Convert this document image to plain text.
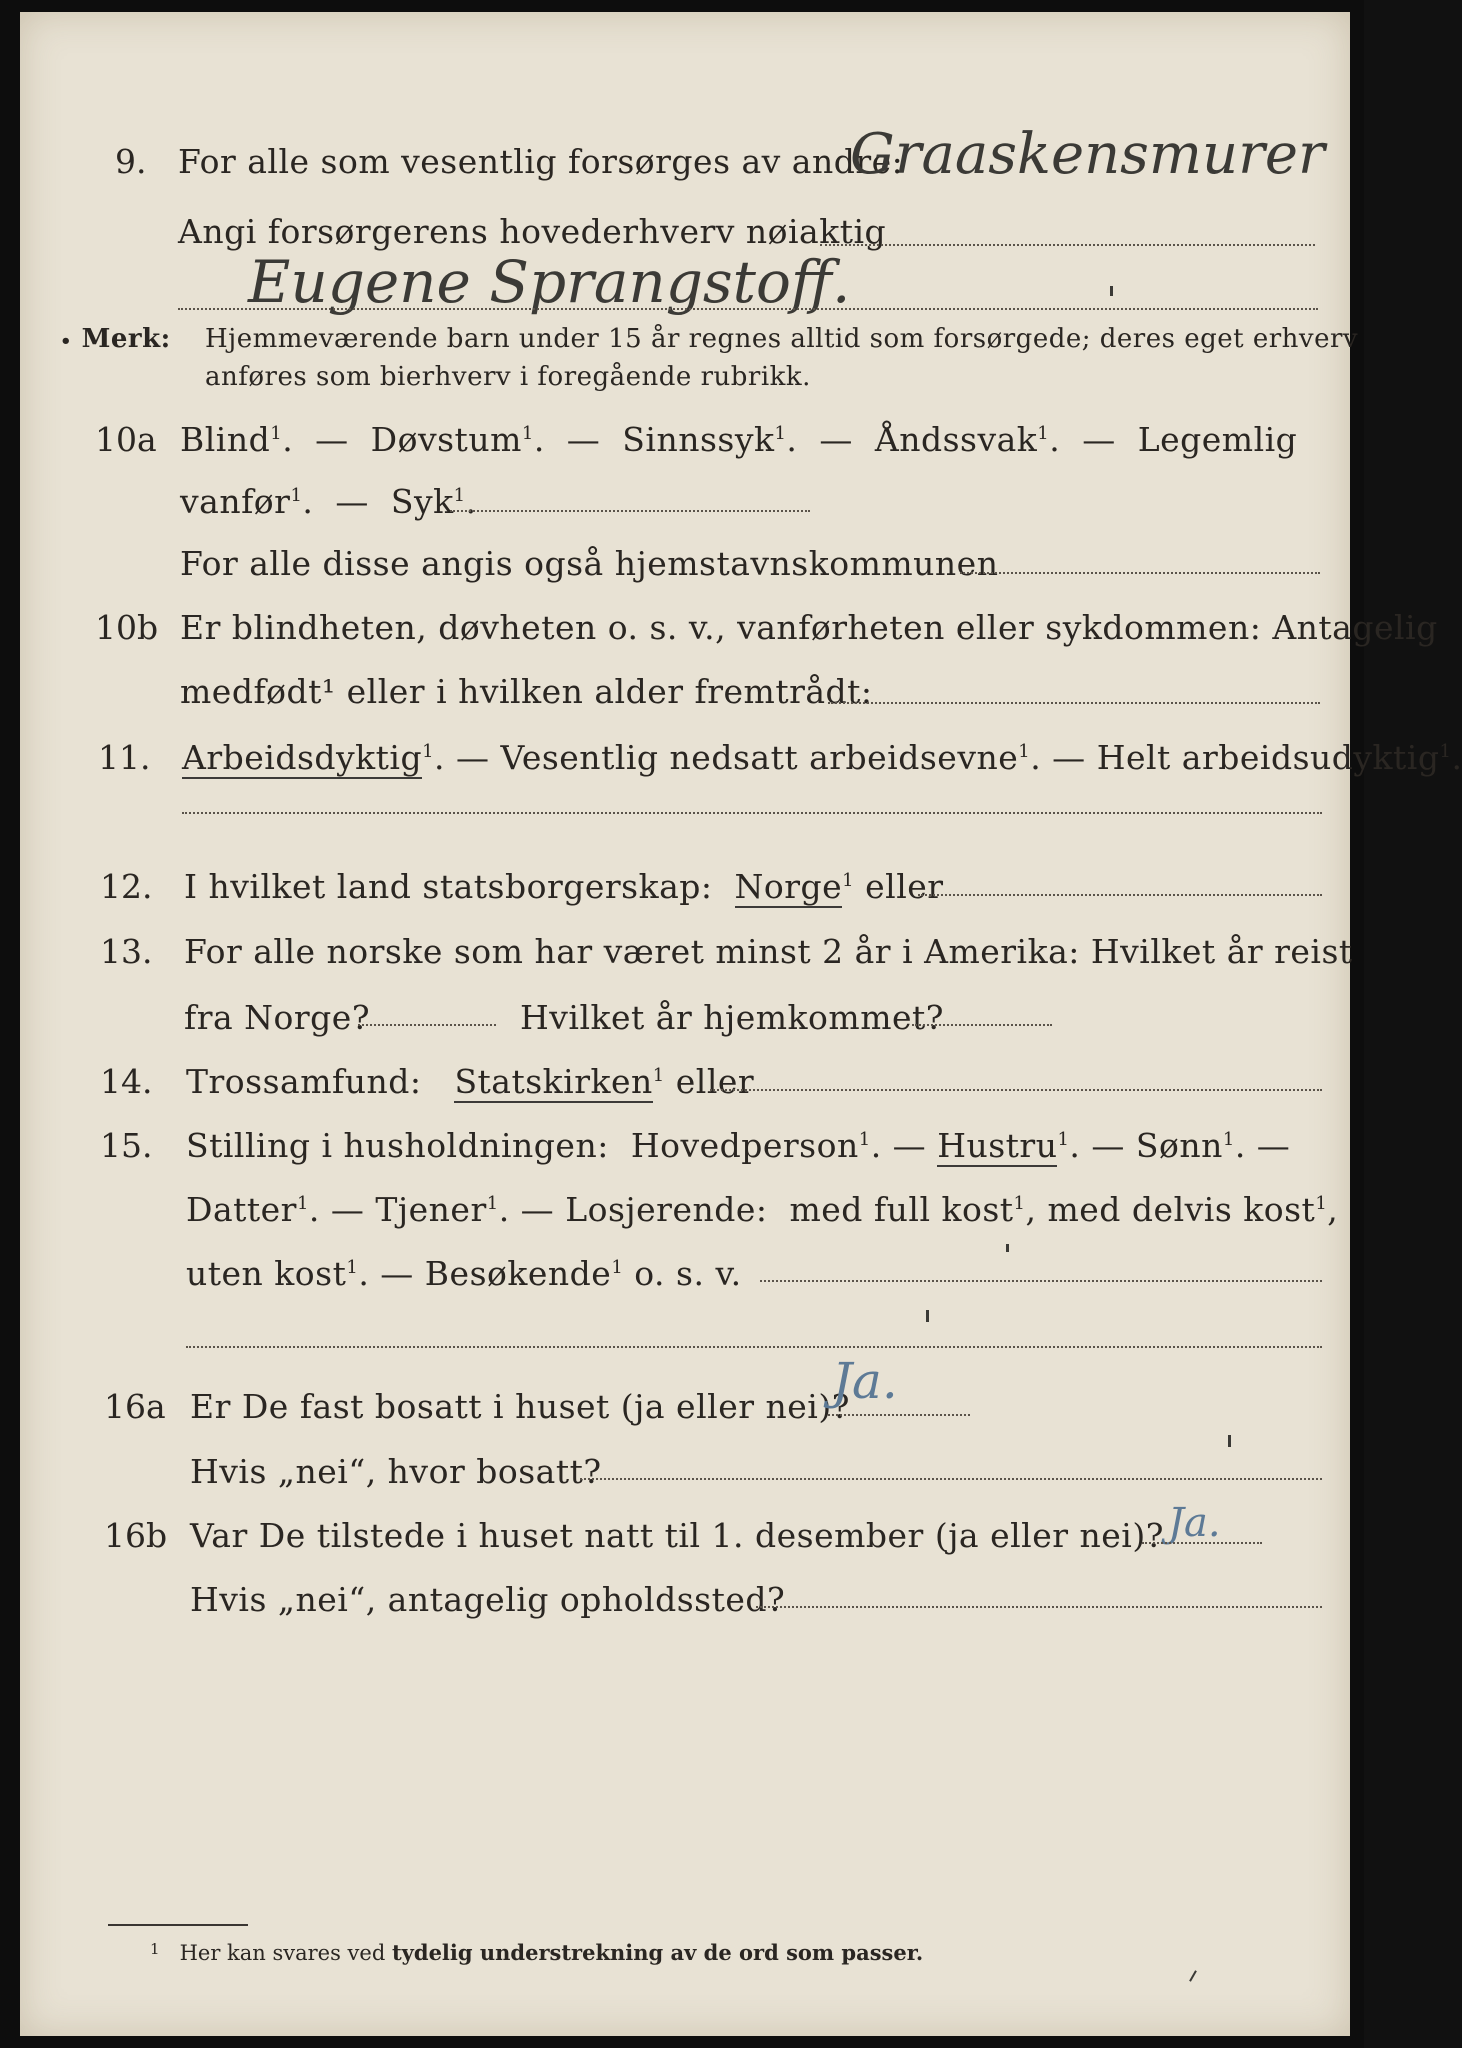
9. For alle som vesentlig forsørges av andre:
Graaskensmurer
Angi forsørgerens hovederhverv nøiaktig
Eugene Sprangstoff.
• Merk: Hjemmeværende barn under 15 år regnes alltid som forsørgede; deres eget erhverv
anføres som bierhverv i foregående rubrikk.
10a Blind$^1$.  —  Døvstum$^1$.  —  Sinnssyk$^1$.  —  Åndssvak$^1$.  —  Legemlig
vanfør$^1$.  —  Syk$^1$.
For alle disse angis også hjemstavnskommunen
10b Er blindheten, døvheten o. s. v., vanførheten eller sykdommen: Antagelig
medfødt¹ eller i hvilken alder fremtrådt:
11. Arbeidsdyktig$^1$. — Vesentlig nedsatt arbeidsevne$^1$. — Helt arbeidsudyktig$^1$.
12. I hvilket land statsborgerskap: Norge$^1$ eller
13. For alle norske som har været minst 2 år i Amerika: Hvilket år reist
fra Norge?	Hvilket år hjemkommet?
14. Trossamfund: Statskirken$^1$ eller
15. Stilling i husholdningen: Hovedperson$^1$. — Hustru$^1$. — Sønn$^1$. —
Datter$^1$. — Tjener$^1$. — Losjerende: med full kost$^1$, med delvis kost$^1$,
uten kost$^1$. — Besøkende$^1$ o. s. v.
16a Er De fast bosatt i huset (ja eller nei)?
Ja.
Hvis „nei“, hvor bosatt?
16b Var De tilstede i huset natt til 1. desember (ja eller nei)? Ja.
Hvis „nei“, antagelig opholdssted?
$^1$ Her kan svares ved tydelig understrekning av de ord som passer.
